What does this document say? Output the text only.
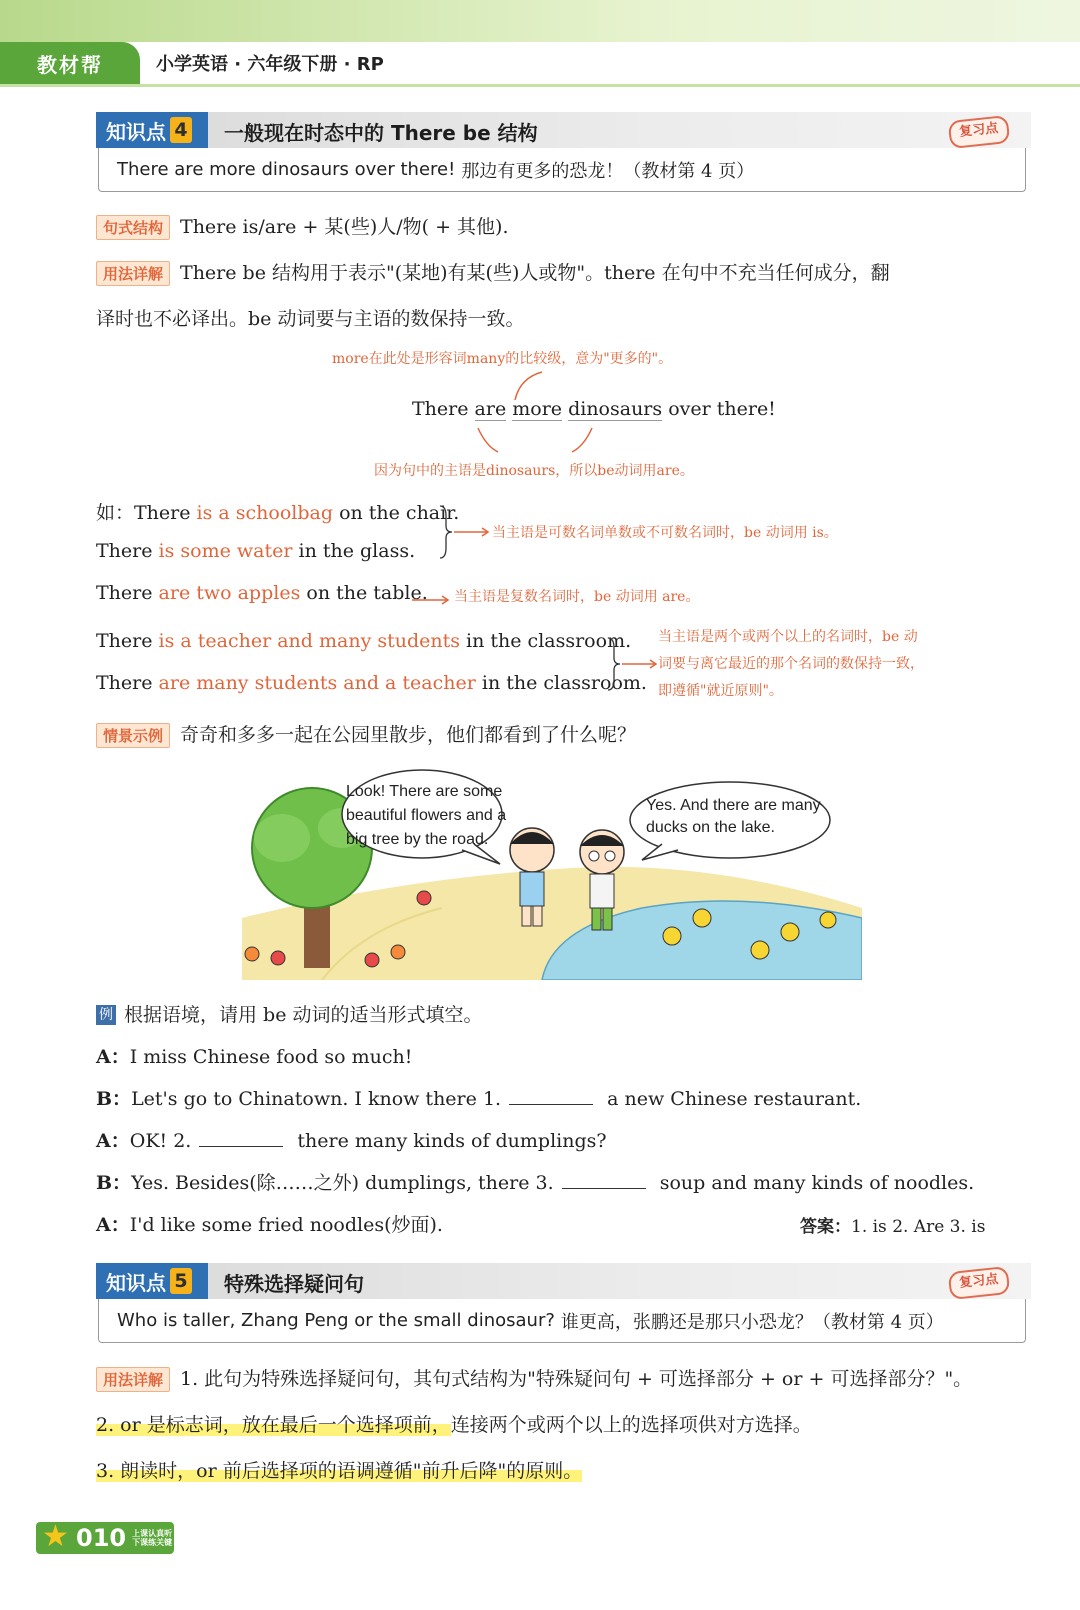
教材帮	小学英语 · 六年级下册 · RP
知识点 4 一般现在时态中的 There be 结构	复习点
There are more dinosaurs over there! 那边有更多的恐龙！（教材第 4 页）
句式结构 There is/are + 某(些)人/物( + 其他).
用法详解 There be 结构用于表示"(某地)有某(些)人或物"。there 在句中不充当任何成分，翻
译时也不必译出。be 动词要与主语的数保持一致。
more在此处是形容词many的比较级，意为"更多的"。
There are more dinosaurs over there!
因为句中的主语是dinosaurs，所以be动词用are。
如：There is a schoolbag on the chair.
There is some water in the glass.
当主语是可数名词单数或不可数名词时，be 动词用 is。
There are two apples on the table. 当主语是复数名词时，be 动词用 are。
There is a teacher and many students in the classroom.
There are many students and a teacher in the classroom.
当主语是两个或两个以上的名词时，be 动
词要与离它最近的那个名词的数保持一致，
即遵循"就近原则"。
情景示例 奇奇和多多一起在公园里散步，他们都看到了什么呢？
Look! There are some
beautiful flowers and a
big tree by the road.
Yes. And there are many
ducks on the lake.
例 根据语境，请用 be 动词的适当形式填空。
A：I miss Chinese food so much!
B：Let's go to Chinatown. I know there 1.	a new Chinese restaurant.
A：OK! 2.	there many kinds of dumplings?
B：Yes. Besides(除……之外) dumplings, there 3.	soup and many kinds of noodles.
A：I'd like some fried noodles(炒面).	答案：1. is 2. Are 3. is
知识点 5 特殊选择疑问句	复习点
Who is taller, Zhang Peng or the small dinosaur? 谁更高，张鹏还是那只小恐龙？（教材第 4 页）
用法详解 1. 此句为特殊选择疑问句，其句式结构为"特殊疑问句 + 可选择部分 + or + 可选择部分？"。
2. or 是标志词，放在最后一个选择项前，连接两个或两个以上的选择项供对方选择。
3. 朗读时，or 前后选择项的语调遵循"前升后降"的原则。
★ 010 上课认真听 下课练关键
